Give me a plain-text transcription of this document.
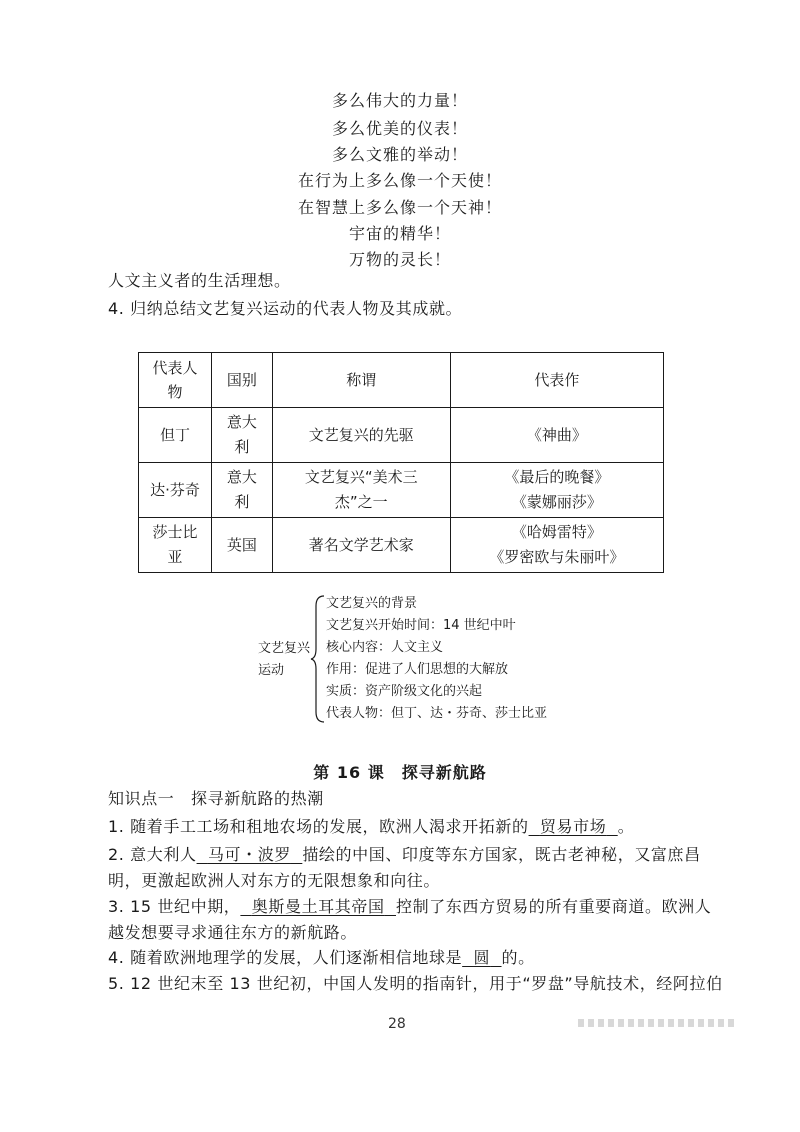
多么伟大的力量！
多么优美的仪表！
多么文雅的举动！
在行为上多么像一个天使！
在智慧上多么像一个天神！
宇宙的精华！
万物的灵长！
人文主义者的生活理想。
4. 归纳总结文艺复兴运动的代表人物及其成就。
代表人物	国别	称谓	代表作
但丁	意大利	文艺复兴的先驱	《神曲》
达·芬奇	意大利	文艺复兴“美术三杰”之一	《最后的晚餐》
《蒙娜丽莎》

莎士比亚	英国	著名文学艺术家	《哈姆雷特》
《罗密欧与朱丽叶》
文艺复兴
运动
文艺复兴的背景
文艺复兴开始时间：14 世纪中叶
核心内容：人文主义
作用：促进了人们思想的大解放
实质：资产阶级文化的兴起
代表人物：但丁、达・芬奇、莎士比亚
第 16 课　探寻新航路
知识点一　探寻新航路的热潮
1. 随着手工工场和租地农场的发展，欧洲人渴求开拓新的 贸易市场 。
2. 意大利人 马可・波罗 描绘的中国、印度等东方国家，既古老神秘，又富庶昌
明，更激起欧洲人对东方的无限想象和向往。
3. 15 世纪中期， 奥斯曼土耳其帝国 控制了东西方贸易的所有重要商道。欧洲人
越发想要寻求通往东方的新航路。
4. 随着欧洲地理学的发展，人们逐渐相信地球是 圆 的。
5. 12 世纪末至 13 世纪初，中国人发明的指南针，用于“罗盘”导航技术，经阿拉伯
28
